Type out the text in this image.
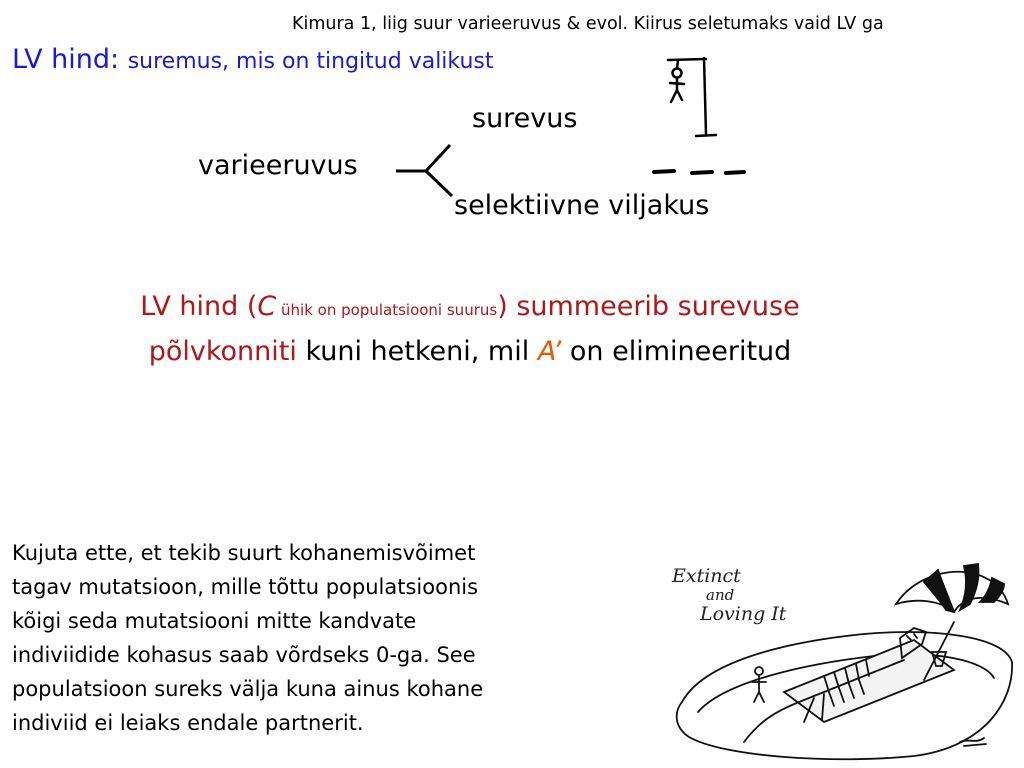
Kimura 1, liig suur varieeruvus & evol. Kiirus seletumaks vaid LV ga
LV hind: suremus, mis on tingitud valikust
varieeruvus
surevus
selektiivne viljakus
LV hind (C ühik on populatsiooni suurus) summeerib surevuse
põlvkonniti kuni hetkeni, mil A’ on elimineeritud
Kujuta ette, et tekib suurt kohanemisvõimet
tagav mutatsioon, mille tõttu populatsioonis
kõigi seda mutatsiooni mitte kandvate
indiviidide kohasus saab võrdseks 0-ga. See
populatsioon sureks välja kuna ainus kohane
indiviid ei leiaks endale partnerit.
Extinct
and
Loving It
